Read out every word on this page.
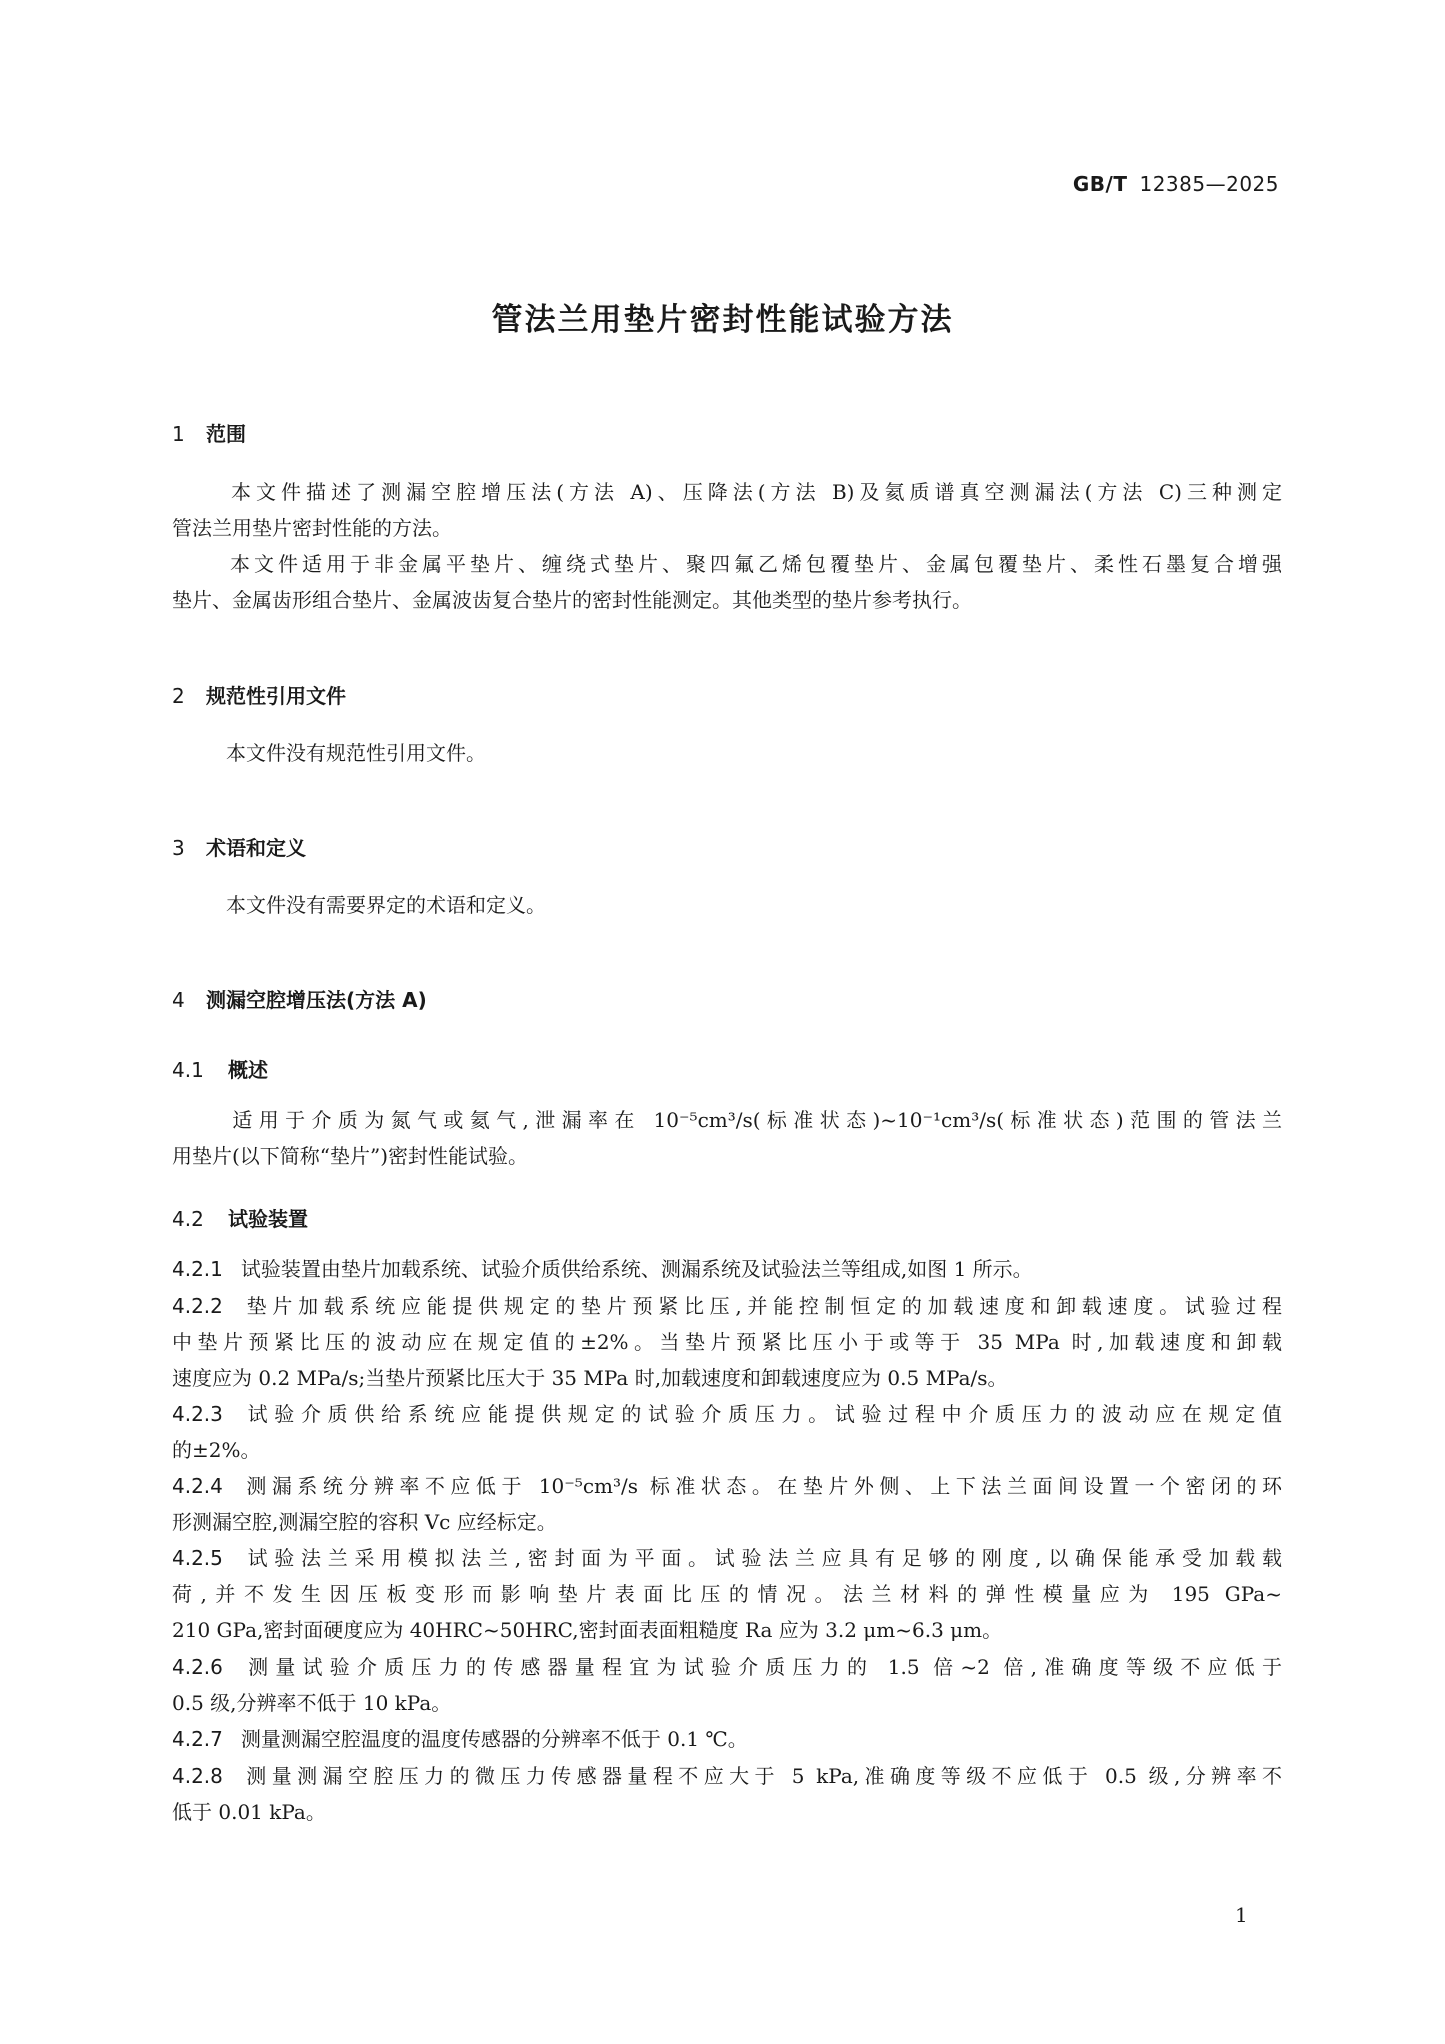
GB/T 12385—2025
管法兰用垫片密封性能试验方法
1 范围
本文件描述了测漏空腔增压法(方法 A)、压降法(方法 B)及氦质谱真空测漏法(方法 C)三种测定
管法兰用垫片密封性能的方法。
本文件适用于非金属平垫片、缠绕式垫片、聚四氟乙烯包覆垫片、金属包覆垫片、柔性石墨复合增强
垫片、金属齿形组合垫片、金属波齿复合垫片的密封性能测定。其他类型的垫片参考执行。
2 规范性引用文件
本文件没有规范性引用文件。
3 术语和定义
本文件没有需要界定的术语和定义。
4 测漏空腔增压法(方法 A)
4.1 概述
适用于介质为氮气或氦气,泄漏率在 10⁻⁵cm³/s(标准状态)~10⁻¹cm³/s(标准状态)范围的管法兰
用垫片(以下简称“垫片”)密封性能试验。
4.2 试验装置
4.2.1 试验装置由垫片加载系统、试验介质供给系统、测漏系统及试验法兰等组成,如图 1 所示。
4.2.2 垫片加载系统应能提供规定的垫片预紧比压,并能控制恒定的加载速度和卸载速度。试验过程
中垫片预紧比压的波动应在规定值的±2%。当垫片预紧比压小于或等于 35 MPa 时,加载速度和卸载
速度应为 0.2 MPa/s;当垫片预紧比压大于 35 MPa 时,加载速度和卸载速度应为 0.5 MPa/s。
4.2.3 试验介质供给系统应能提供规定的试验介质压力。试验过程中介质压力的波动应在规定值
的±2%。
4.2.4 测漏系统分辨率不应低于 10⁻⁵cm³/s 标准状态。在垫片外侧、上下法兰面间设置一个密闭的环
形测漏空腔,测漏空腔的容积 Vc 应经标定。
4.2.5 试验法兰采用模拟法兰,密封面为平面。试验法兰应具有足够的刚度,以确保能承受加载载
荷,并不发生因压板变形而影响垫片表面比压的情况。法兰材料的弹性模量应为 195 GPa~
210 GPa,密封面硬度应为 40HRC~50HRC,密封面表面粗糙度 Ra 应为 3.2 μm~6.3 μm。
4.2.6 测量试验介质压力的传感器量程宜为试验介质压力的 1.5 倍~2 倍,准确度等级不应低于
0.5 级,分辨率不低于 10 kPa。
4.2.7 测量测漏空腔温度的温度传感器的分辨率不低于 0.1 ℃。
4.2.8 测量测漏空腔压力的微压力传感器量程不应大于 5 kPa,准确度等级不应低于 0.5 级,分辨率不
低于 0.01 kPa。
1
